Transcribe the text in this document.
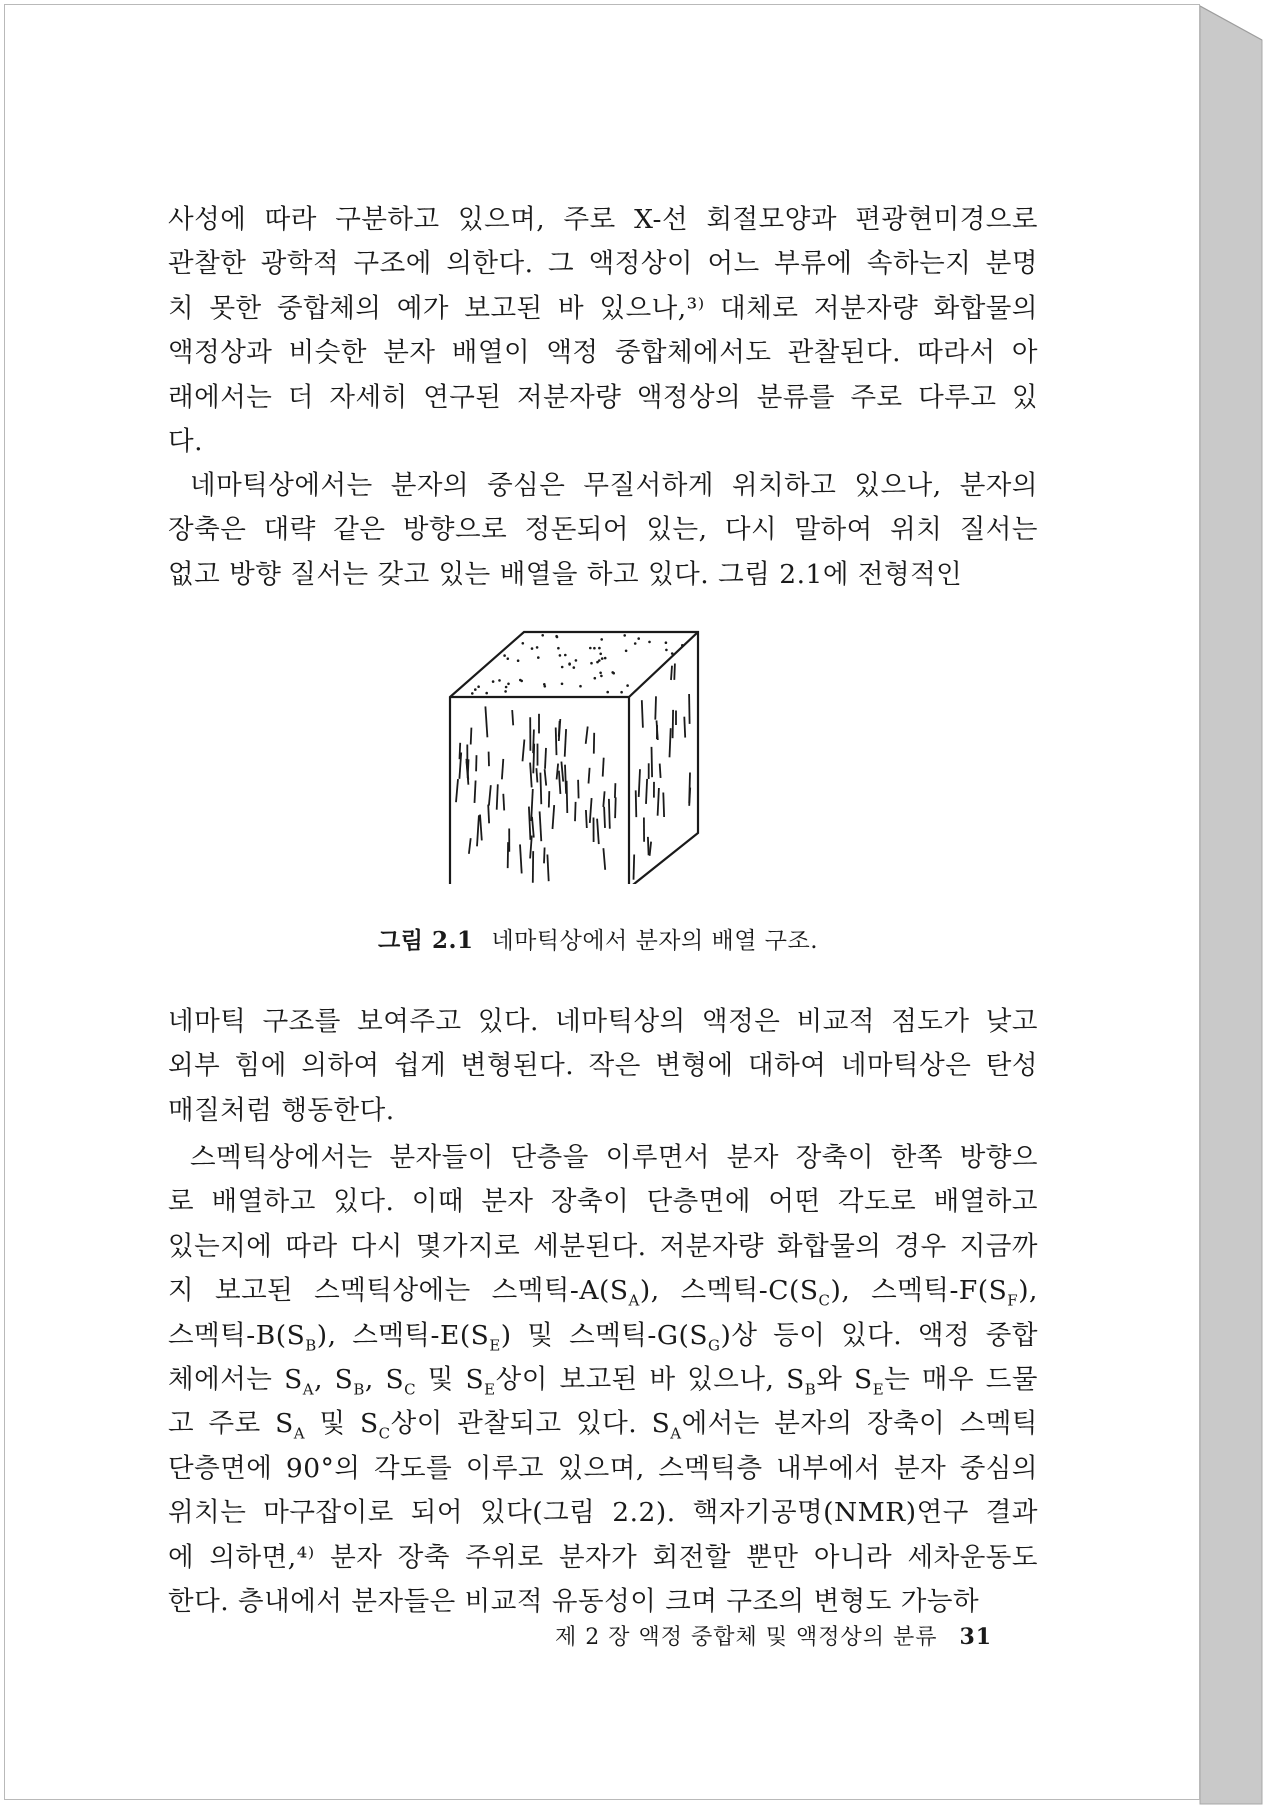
사성에 따라 구분하고 있으며, 주로 X-선 회절모양과 편광현미경으로
관찰한 광학적 구조에 의한다. 그 액정상이 어느 부류에 속하는지 분명
치 못한 중합체의 예가 보고된 바 있으나,³⁾ 대체로 저분자량 화합물의
액정상과 비슷한 분자 배열이 액정 중합체에서도 관찰된다. 따라서 아
래에서는 더 자세히 연구된 저분자량 액정상의 분류를 주로 다루고 있
다.
네마틱상에서는 분자의 중심은 무질서하게 위치하고 있으나, 분자의
장축은 대략 같은 방향으로 정돈되어 있는, 다시 말하여 위치 질서는
없고 방향 질서는 갖고 있는 배열을 하고 있다. 그림 2.1에 전형적인
그림 2.1 네마틱상에서 분자의 배열 구조.
네마틱 구조를 보여주고 있다. 네마틱상의 액정은 비교적 점도가 낮고
외부 힘에 의하여 쉽게 변형된다. 작은 변형에 대하여 네마틱상은 탄성
매질처럼 행동한다.
스멕틱상에서는 분자들이 단층을 이루면서 분자 장축이 한쪽 방향으
로 배열하고 있다. 이때 분자 장축이 단층면에 어떤 각도로 배열하고
있는지에 따라 다시 몇가지로 세분된다. 저분자량 화합물의 경우 지금까
지 보고된 스멕틱상에는 스멕틱$-A(S_A)$, 스멕틱$-C(S_C)$, 스멕틱$-F(S_F)$,
스멕틱$-B(S_B)$, 스멕틱$-E(S_E)$ 및 스멕틱$-G(S_G)$상 등이 있다. 액정 중합
체에서는 $S_A$, $S_B$, $S_C$ 및 $S_E$상이 보고된 바 있으나, $S_B$와 $S_E$는 매우 드물
고 주로 $S_A$ 및 $S_C$상이 관찰되고 있다. $S_A$에서는 분자의 장축이 스멕틱
단층면에 90°의 각도를 이루고 있으며, 스멕틱층 내부에서 분자 중심의
위치는 마구잡이로 되어 있다(그림 2.2). 핵자기공명(NMR)연구 결과
에 의하면,⁴⁾ 분자 장축 주위로 분자가 회전할 뿐만 아니라 세차운동도
한다. 층내에서 분자들은 비교적 유동성이 크며 구조의 변형도 가능하
제 2 장 액정 중합체 및 액정상의 분류 31
